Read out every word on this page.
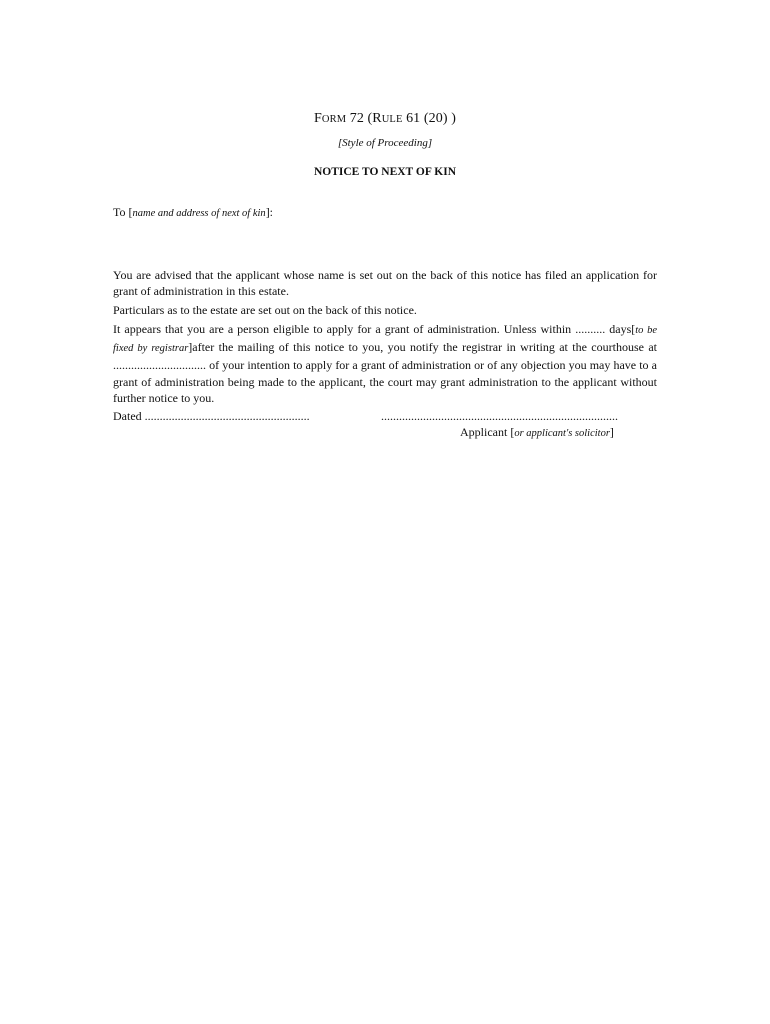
FORM 72 (RULE 61 (20) )
[Style of Proceeding]
NOTICE TO NEXT OF KIN
To [name and address of next of kin]:
You are advised that the applicant whose name is set out on the back of this notice has filed an application for grant of administration in this estate.
Particulars as to the estate are set out on the back of this notice.
It appears that you are a person eligible to apply for a grant of administration. Unless within .......... days[to be fixed by registrar]after the mailing of this notice to you, you notify the registrar in writing at the courthouse at ............................... of your intention to apply for a grant of administration or of any objection you may have to a grant of administration being made to the applicant, the court may grant administration to the applicant without further notice to you.
Dated .......................................................	...............................................................................
Applicant [or applicant's solicitor]
